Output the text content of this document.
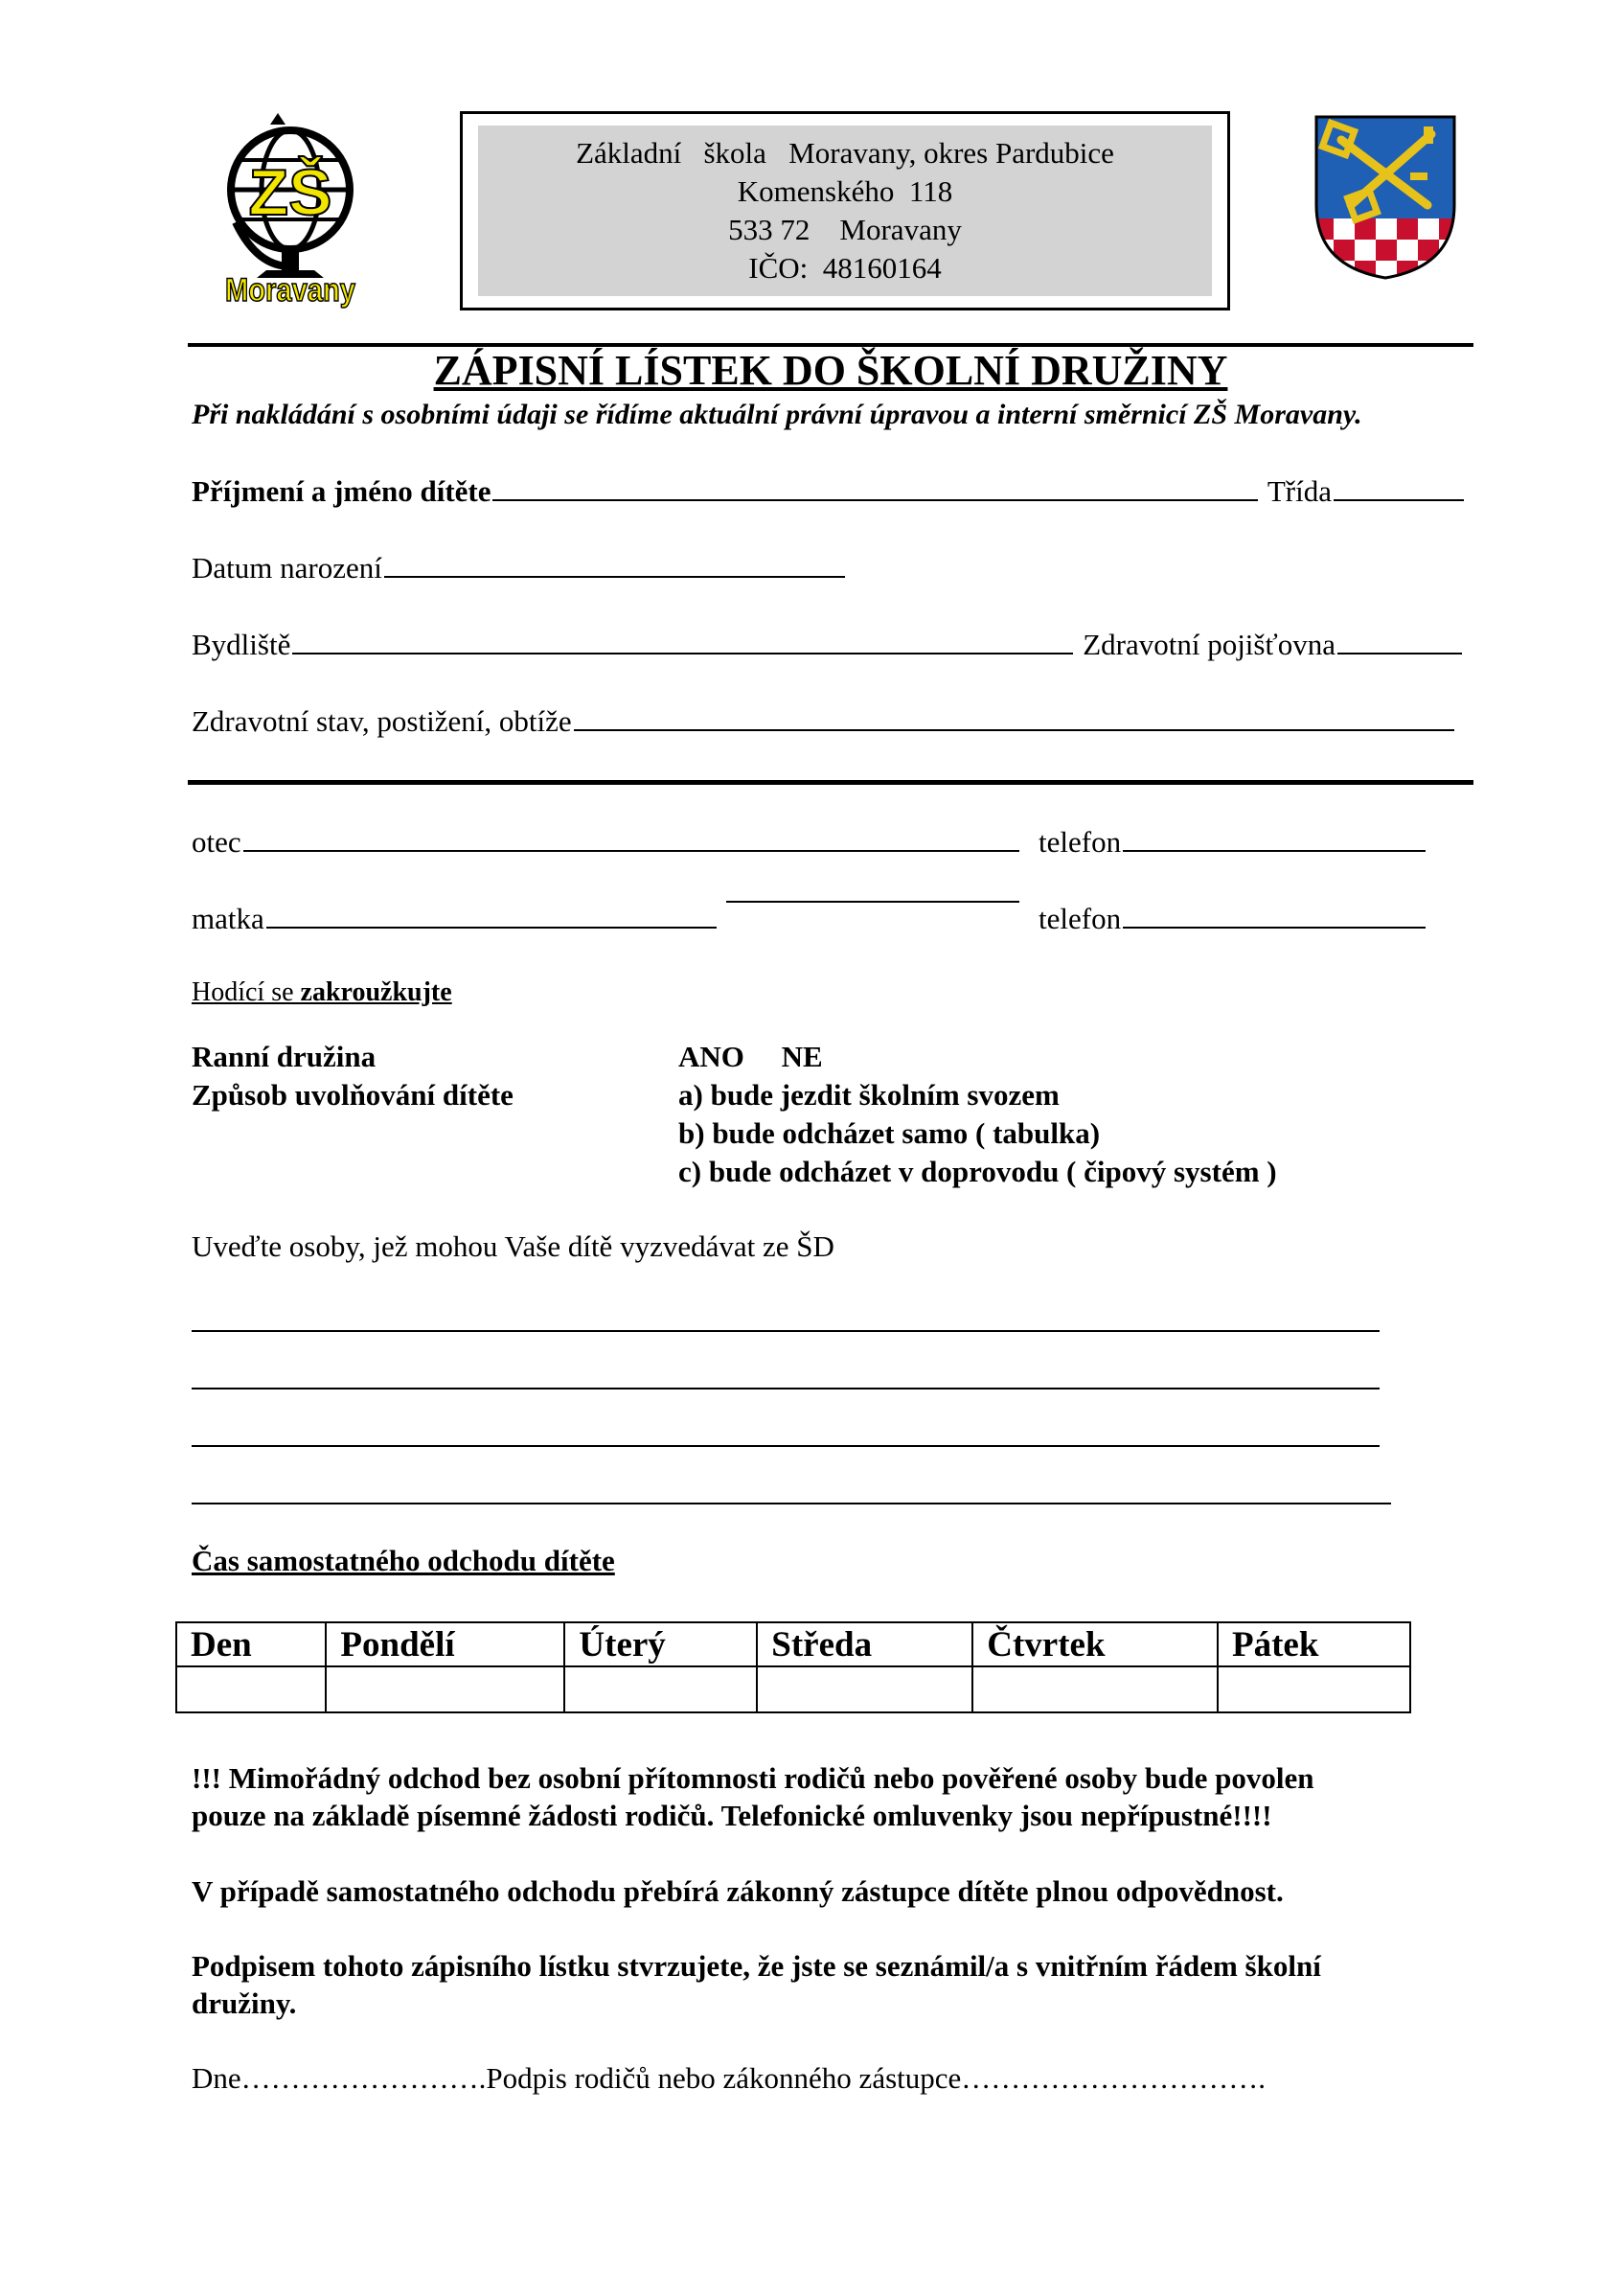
ZŠ
Moravany
Základní   škola   Moravany, okres Pardubice
Komenského  118
533 72    Moravany
IČO:  48160164
ZÁPISNÍ LÍSTEK DO ŠKOLNÍ DRUŽINY
Při nakládání s osobními údaji se řídíme aktuální právní úpravou a interní směrnicí ZŠ Moravany.
Příjmení a jméno dítěte	Třída
Datum narození
Bydliště	Zdravotní pojišťovna
Zdravotní stav, postižení, obtíže
otec	telefon
matka	telefon
Hodící se zakroužkujte
Ranní družina	ANO     NE
Způsob uvolňování dítěte	a) bude jezdit školním svozem
b) bude odcházet samo ( tabulka)
c) bude odcházet v doprovodu ( čipový systém )
Uveďte osoby, jež mohou Vaše dítě vyzvedávat ze ŠD
Čas samostatného odchodu dítěte
Den	Pondělí	Úterý	Středa	Čtvrtek	Pátek

!!! Mimořádný odchod bez osobní přítomnosti rodičů nebo pověřené osoby bude povolen pouze na základě písemné žádosti rodičů. Telefonické omluvenky jsou nepřípustné!!!!
V případě samostatného odchodu přebírá zákonný zástupce dítěte plnou odpovědnost.
Podpisem tohoto zápisního lístku stvrzujete, že jste se seznámil/a s vnitřním řádem školní družiny.
Dne…………………….Podpis rodičů nebo zákonného zástupce………………………….
